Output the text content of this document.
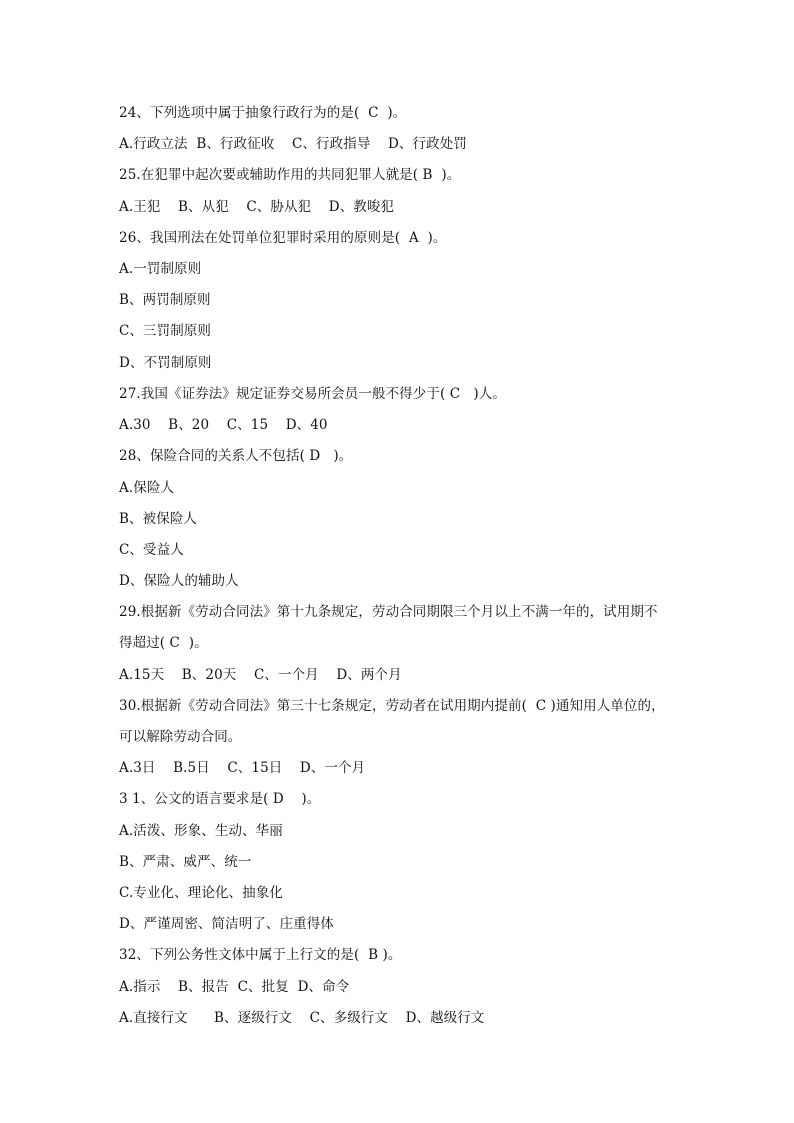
24、下列选项中属于抽象行政行为的是(  C  )。
A.行政立法  B、行政征收    C、行政指导    D、行政处罚
25.在犯罪中起次要或辅助作用的共同犯罪人就是( B  )。
A.王犯    B、从犯    C、胁从犯    D、教唆犯
26、我国刑法在处罚单位犯罪时采用的原则是(  A  )。
A.一罚制原则
B、两罚制原则
C、三罚制原则
D、不罚制原则
27.我国《证券法》规定证券交易所会员一般不得少于( C   )人。
A.30    B、20    C、15    D、40
28、保险合同的关系人不包括( D   )。
A.保险人
B、被保险人
C、受益人
D、保险人的辅助人
29.根据新《劳动合同法》第十九条规定，劳动合同期限三个月以上不满一年的，试用期不
得超过( C  )。
A.15天    B、20天    C、一个月    D、两个月
30.根据新《劳动合同法》第三十七条规定，劳动者在试用期内提前(  C )通知用人单位的，
可以解除劳动合同。
A.3日    B.5日    C、15日    D、一个月
3 1、公文的语言要求是( D    )。
A.活泼、形象、生动、华丽
B、严肃、威严、统一
C.专业化、理论化、抽象化
D、严谨周密、简洁明了、庄重得体
32、下列公务性文体中属于上行文的是(  B )。
A.指示    B、报告  C、批复  D、命令
A.直接行文      B、逐级行文    C、多级行文    D、越级行文
